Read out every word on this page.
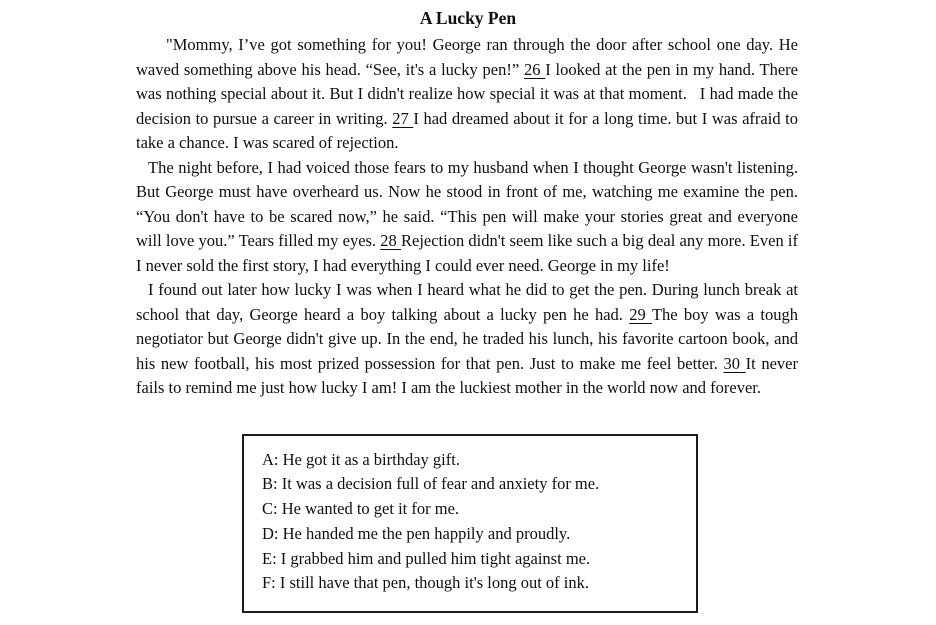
A Lucky Pen

"Mommy, I’ve got something for you! George ran through the door after school one day. He waved something above his head. “See, it's a lucky pen!” 26 I looked at the pen in my hand. There was nothing special about it. But I didn't realize how special it was at that moment.   I had made the decision to pursue a career in writing. 27 I had dreamed about it for a long time. but I was afraid to take a chance. I was scared of rejection.

The night before, I had voiced those fears to my husband when I thought George wasn't listening. But George must have overheard us. Now he stood in front of me, watching me examine the pen. “You don't have to be scared now,” he said. “This pen will make your stories great and everyone will love you.” Tears filled my eyes. 28 Rejection didn't seem like such a big deal any more. Even if I never sold the first story, I had everything I could ever need. George in my life!

I found out later how lucky I was when I heard what he did to get the pen. During lunch break at school that day, George heard a boy talking about a lucky pen he had. 29 The boy was a tough negotiator but George didn't give up. In the end, he traded his lunch, his favorite cartoon book, and his new football, his most prized possession for that pen. Just to make me feel better. 30 It never fails to remind me just how lucky I am! I am the luckiest mother in the world now and forever.

A: He got it as a birthday gift.
B: It was a decision full of fear and anxiety for me.
C: He wanted to get it for me.
D: He handed me the pen happily and proudly.
E: I grabbed him and pulled him tight against me.
F: I still have that pen, though it's long out of ink.
